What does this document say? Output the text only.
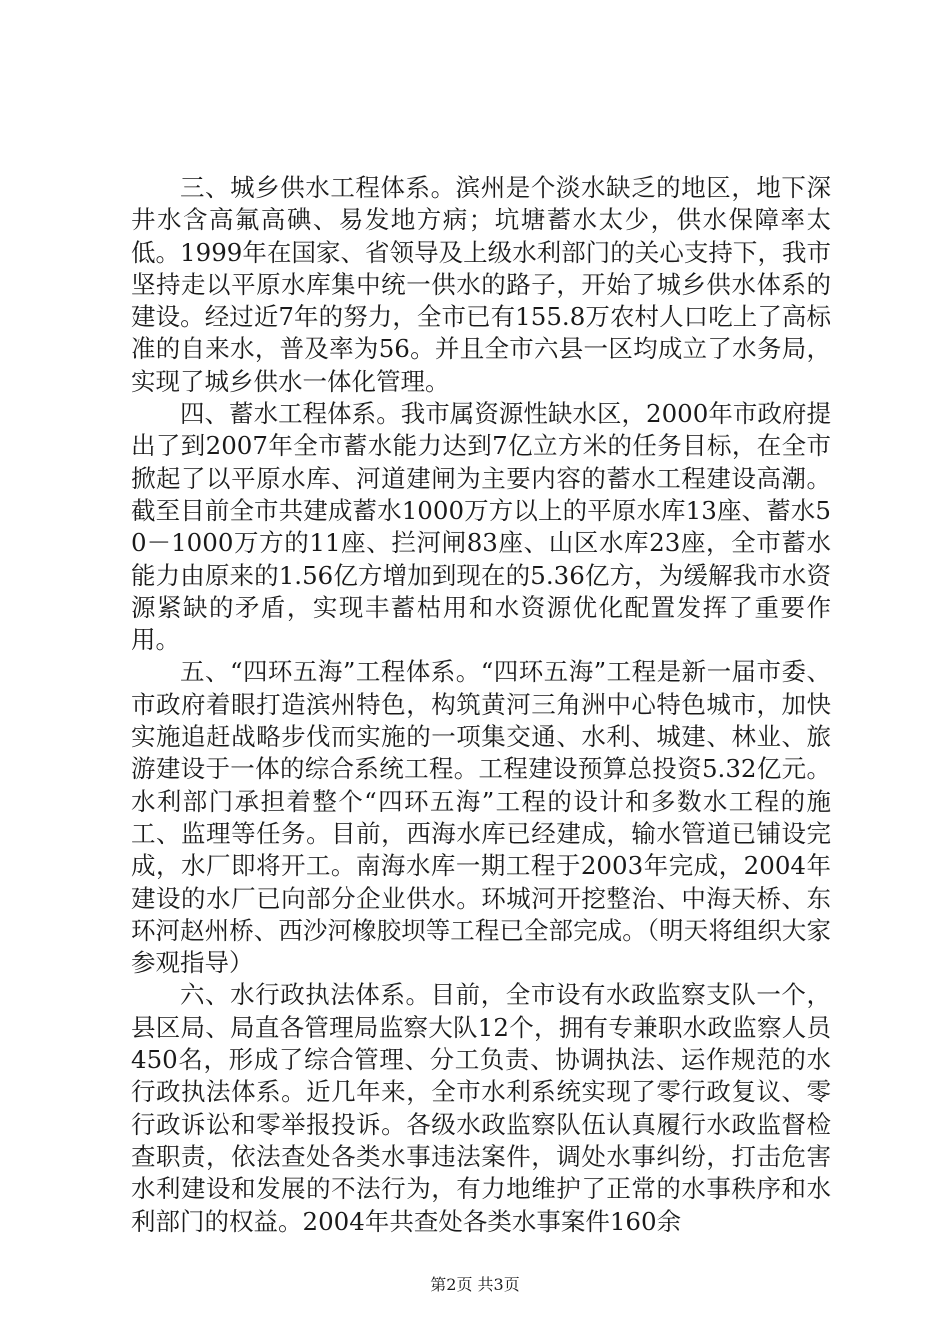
三、城乡供水工程体系。滨州是个淡水缺乏的地区，地下深井水含高氟高碘、易发地方病；坑塘蓄水太少，供水保障率太低。1999年在国家、省领导及上级水利部门的关心支持下，我市坚持走以平原水库集中统一供水的路子，开始了城乡供水体系的建设。经过近7年的努力，全市已有155.8万农村人口吃上了高标准的自来水，普及率为56。并且全市六县一区均成立了水务局，实现了城乡供水一体化管理。

四、蓄水工程体系。我市属资源性缺水区，2000年市政府提出了到2007年全市蓄水能力达到7亿立方米的任务目标，在全市掀起了以平原水库、河道建闸为主要内容的蓄水工程建设高潮。截至目前全市共建成蓄水1000万方以上的平原水库13座、蓄水50－1000万方的11座、拦河闸83座、山区水库23座，全市蓄水能力由原来的1.56亿方增加到现在的5.36亿方，为缓解我市水资源紧缺的矛盾，实现丰蓄枯用和水资源优化配置发挥了重要作用。

五、“四环五海”工程体系。“四环五海”工程是新一届市委、市政府着眼打造滨州特色，构筑黄河三角洲中心特色城市，加快实施追赶战略步伐而实施的一项集交通、水利、城建、林业、旅游建设于一体的综合系统工程。工程建设预算总投资5.32亿元。水利部门承担着整个“四环五海”工程的设计和多数水工程的施工、监理等任务。目前，西海水库已经建成，输水管道已铺设完成，水厂即将开工。南海水库一期工程于2003年完成，2004年建设的水厂已向部分企业供水。环城河开挖整治、中海天桥、东环河赵州桥、西沙河橡胶坝等工程已全部完成。（明天将组织大家参观指导）

六、水行政执法体系。目前，全市设有水政监察支队一个，县区局、局直各管理局监察大队12个，拥有专兼职水政监察人员450名，形成了综合管理、分工负责、协调执法、运作规范的水行政执法体系。近几年来，全市水利系统实现了零行政复议、零行政诉讼和零举报投诉。各级水政监察队伍认真履行水政监督检查职责，依法查处各类水事违法案件，调处水事纠纷，打击危害水利建设和发展的不法行为，有力地维护了正常的水事秩序和水利部门的权益。2004年共查处各类水事案件160余

第2页 共3页
